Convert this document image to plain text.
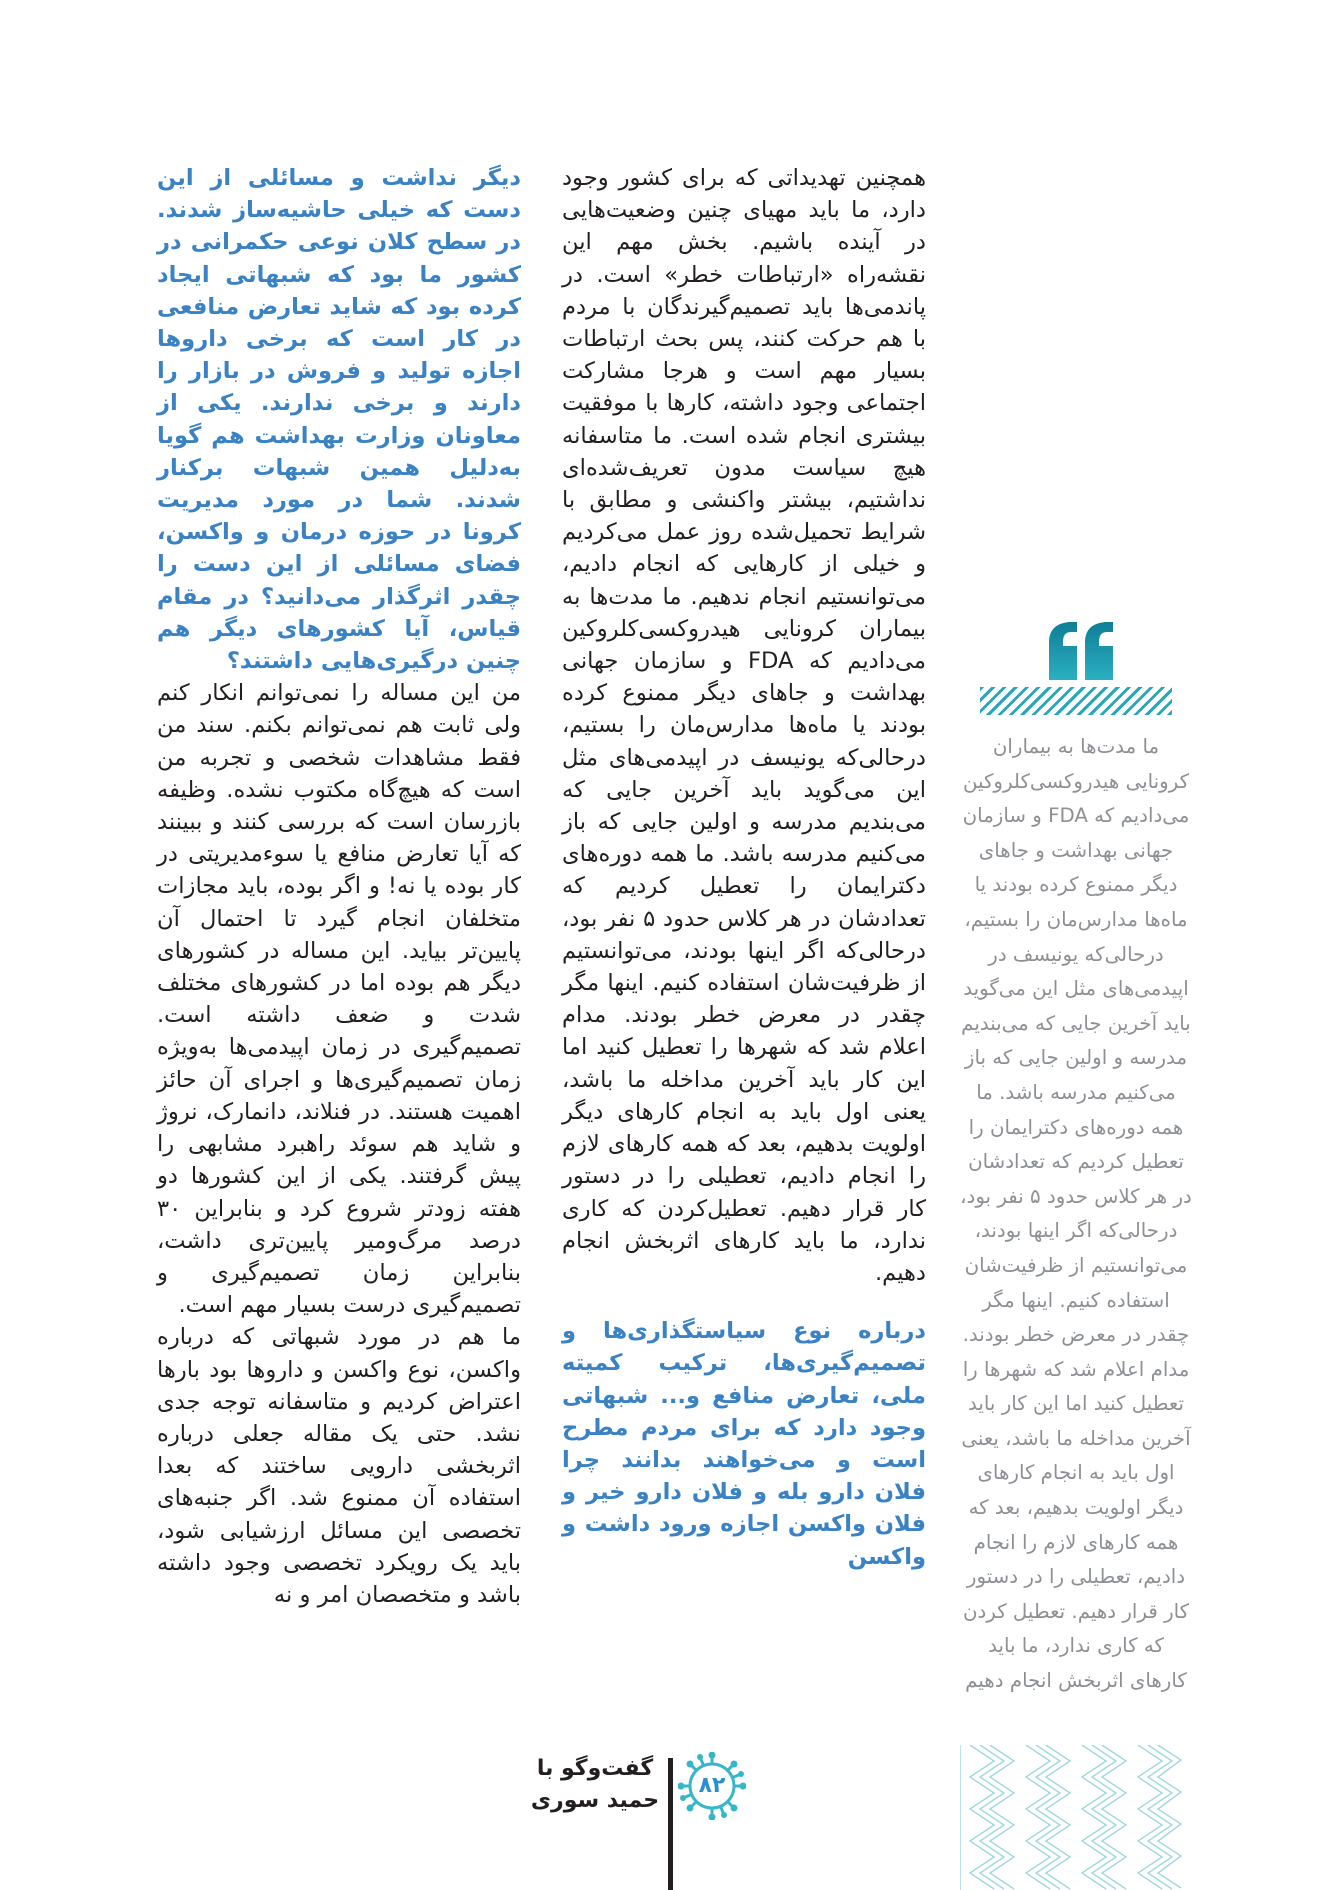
دیگر نداشت و مسائلی از این دست که خیلی حاشیه‌ساز شدند. در سطح کلان نوعی حکمرانی در کشور ما بود که شبهاتی ایجاد کرده بود که شاید تعارض منافعی در کار است که برخی داروها اجازه تولید و فروش در بازار را دارند و برخی ندارند. یکی از معاونان وزارت بهداشت هم گویا به‌دلیل همین شبهات برکنار شدند. شما در مورد مدیریت کرونا در حوزه درمان و واکسن، فضای مسائلی از این دست را چقدر اثرگذار می‌دانید؟ در مقام قیاس، آیا کشورهای دیگر هم چنین درگیری‌هایی داشتند؟

من این مساله را نمی‌توانم انکار کنم ولی ثابت هم نمی‌توانم بکنم. سند من فقط مشاهدات شخصی و تجربه من است که هیچ‌گاه مکتوب نشده. وظیفه بازرسان است که بررسی کنند و ببینند که آیا تعارض منافع یا سوءمدیریتی در کار بوده یا نه! و اگر بوده، باید مجازات متخلفان انجام گیرد تا احتمال آن پایین‌تر بیاید. این مساله در کشورهای دیگر هم بوده اما در کشورهای مختلف شدت و ضعف داشته است. تصمیم‌گیری در زمان اپیدمی‌ها به‌ویژه زمان تصمیم‌گیری‌ها و اجرای آن حائز اهمیت هستند. در فنلاند، دانمارک، نروژ و شاید هم سوئد راهبرد مشابهی را پیش گرفتند. یکی از این کشورها دو هفته زودتر شروع کرد و بنابراین ۳۰ درصد مرگ‌ومیر پایین‌تری داشت، بنابراین زمان تصمیم‌گیری و تصمیم‌گیری درست بسیار مهم است.

ما هم در مورد شبهاتی که درباره واکسن، نوع واکسن و داروها بود بارها اعتراض کردیم و متاسفانه توجه جدی نشد. حتی یک مقاله جعلی درباره اثربخشی دارویی ساختند که بعدا استفاده آن ممنوع شد. اگر جنبه‌های تخصصی این مسائل ارزشیابی شود، باید یک رویکرد تخصصی وجود داشته باشد و متخصصان امر و نه

همچنین تهدیداتی که برای کشور وجود دارد، ما باید مهیای چنین وضعیت‌هایی در آینده باشیم. بخش مهم این نقشه‌راه «ارتباطات خطر» است. در پاندمی‌ها باید تصمیم‌گیرندگان با مردم با هم حرکت کنند، پس بحث ارتباطات بسیار مهم است و هرجا مشارکت اجتماعی وجود داشته، کارها با موفقیت بیشتری انجام شده است. ما متاسفانه هیچ سیاست مدون تعریف‌شده‌ای نداشتیم، بیشتر واکنشی و مطابق با شرایط تحمیل‌شده روز عمل می‌کردیم و خیلی از کارهایی که انجام دادیم، می‌توانستیم انجام ندهیم. ما مدت‌ها به بیماران کرونایی هیدروکسی‌کلروکین می‌دادیم که FDA و سازمان جهانی بهداشت و جاهای دیگر ممنوع کرده بودند یا ماه‌ها مدارس‌مان را بستیم، درحالی‌که یونیسف در اپیدمی‌های مثل این می‌گوید باید آخرین جایی که می‌بندیم مدرسه و اولین جایی که باز می‌کنیم مدرسه باشد. ما همه دوره‌های دکترایمان را تعطیل کردیم که تعدادشان در هر کلاس حدود ۵ نفر بود، درحالی‌که اگر اینها بودند، می‌توانستیم از ظرفیت‌شان استفاده کنیم. اینها مگر چقدر در معرض خطر بودند. مدام اعلام شد که شهرها را تعطیل کنید اما این کار باید آخرین مداخله ما باشد، یعنی اول باید به انجام کارهای دیگر اولویت بدهیم، بعد که همه کارهای لازم را انجام دادیم، تعطیلی را در دستور کار قرار دهیم. تعطیل‌کردن که کاری ندارد، ما باید کارهای اثربخش انجام دهیم.

درباره نوع سیاستگذاری‌ها و تصمیم‌گیری‌ها، ترکیب کمیته ملی، تعارض منافع و... شبهاتی وجود دارد که برای مردم مطرح است و می‌خواهند بدانند چرا فلان دارو بله و فلان دارو خیر و فلان واکسن اجازه ورود داشت و واکسن

ما مدت‌ها به بیماران کرونایی هیدروکسی‌کلروکین می‌دادیم که FDA و سازمان جهانی بهداشت و جاهای دیگر ممنوع کرده بودند یا ماه‌ها مدارس‌مان را بستیم، درحالی‌که یونیسف در اپیدمی‌های مثل این می‌گوید باید آخرین جایی که می‌بندیم مدرسه و اولین جایی که باز می‌کنیم مدرسه باشد. ما همه دوره‌های دکترایمان را تعطیل کردیم که تعدادشان در هر کلاس حدود ۵ نفر بود، درحالی‌که اگر اینها بودند، می‌توانستیم از ظرفیت‌شان استفاده کنیم. اینها مگر چقدر در معرض خطر بودند. مدام اعلام شد که شهرها را تعطیل کنید اما این کار باید آخرین مداخله ما باشد، یعنی اول باید به انجام کارهای دیگر اولویت بدهیم، بعد که همه کارهای لازم را انجام دادیم، تعطیلی را در دستور کار قرار دهیم. تعطیل کردن که کاری ندارد، ما باید کارهای اثربخش انجام دهیم

۸۲

گفت‌وگو با

حمید سوری
